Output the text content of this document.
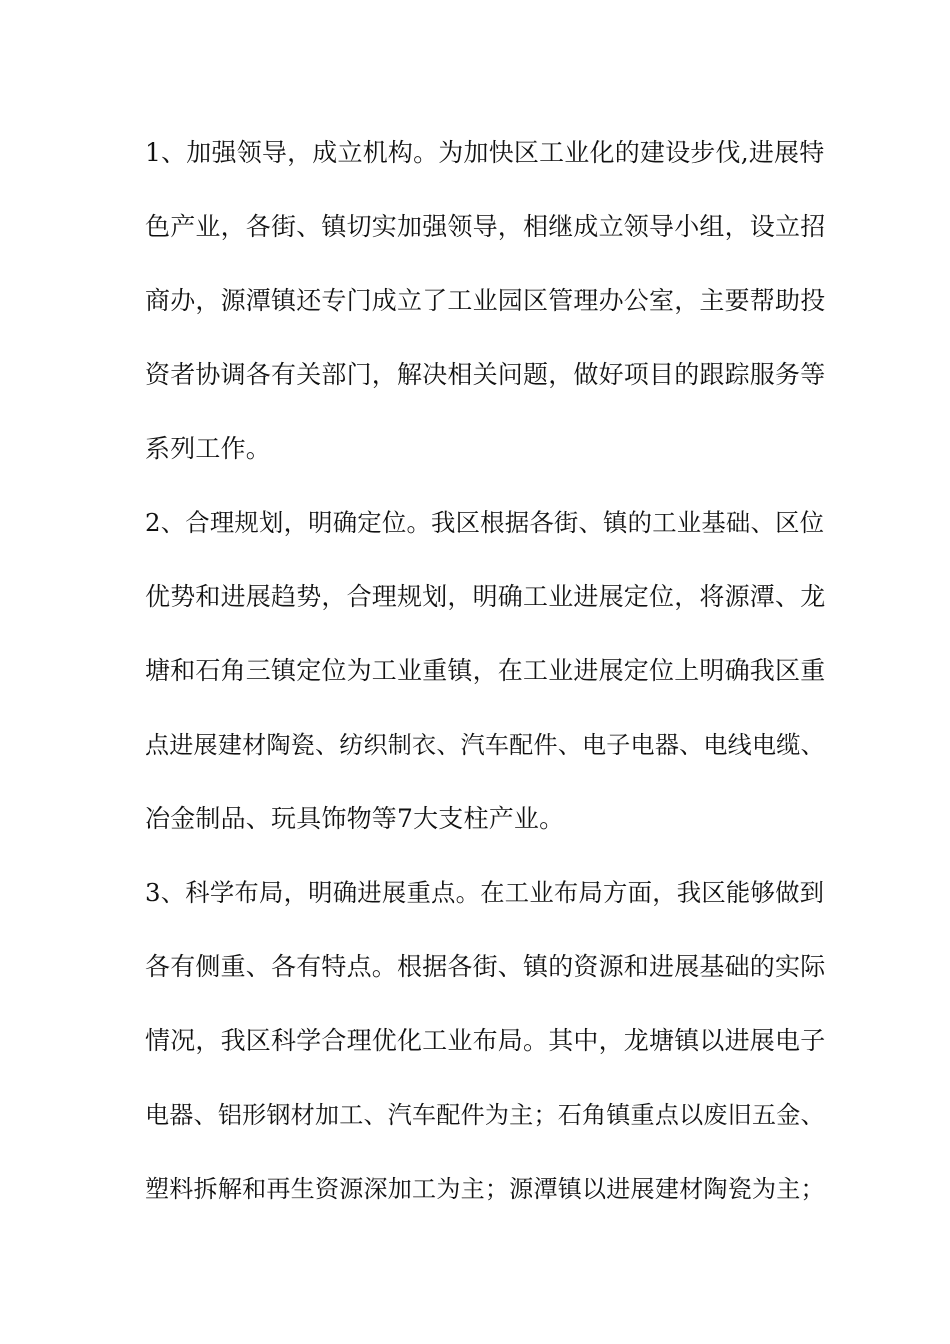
1、加强领导，成立机构。为加快区工业化的建设步伐,进展特
色产业，各街、镇切实加强领导，相继成立领导小组，设立招
商办，源潭镇还专门成立了工业园区管理办公室，主要帮助投
资者协调各有关部门，解决相关问题，做好项目的跟踪服务等
系列工作。
2、合理规划，明确定位。我区根据各街、镇的工业基础、区位
优势和进展趋势，合理规划，明确工业进展定位，将源潭、龙
塘和石角三镇定位为工业重镇，在工业进展定位上明确我区重
点进展建材陶瓷、纺织制衣、汽车配件、电子电器、电线电缆、
冶金制品、玩具饰物等7大支柱产业。
3、科学布局，明确进展重点。在工业布局方面，我区能够做到
各有侧重、各有特点。根据各街、镇的资源和进展基础的实际
情况，我区科学合理优化工业布局。其中，龙塘镇以进展电子
电器、铝形钢材加工、汽车配件为主；石角镇重点以废旧五金、
塑料拆解和再生资源深加工为主；源潭镇以进展建材陶瓷为主；
